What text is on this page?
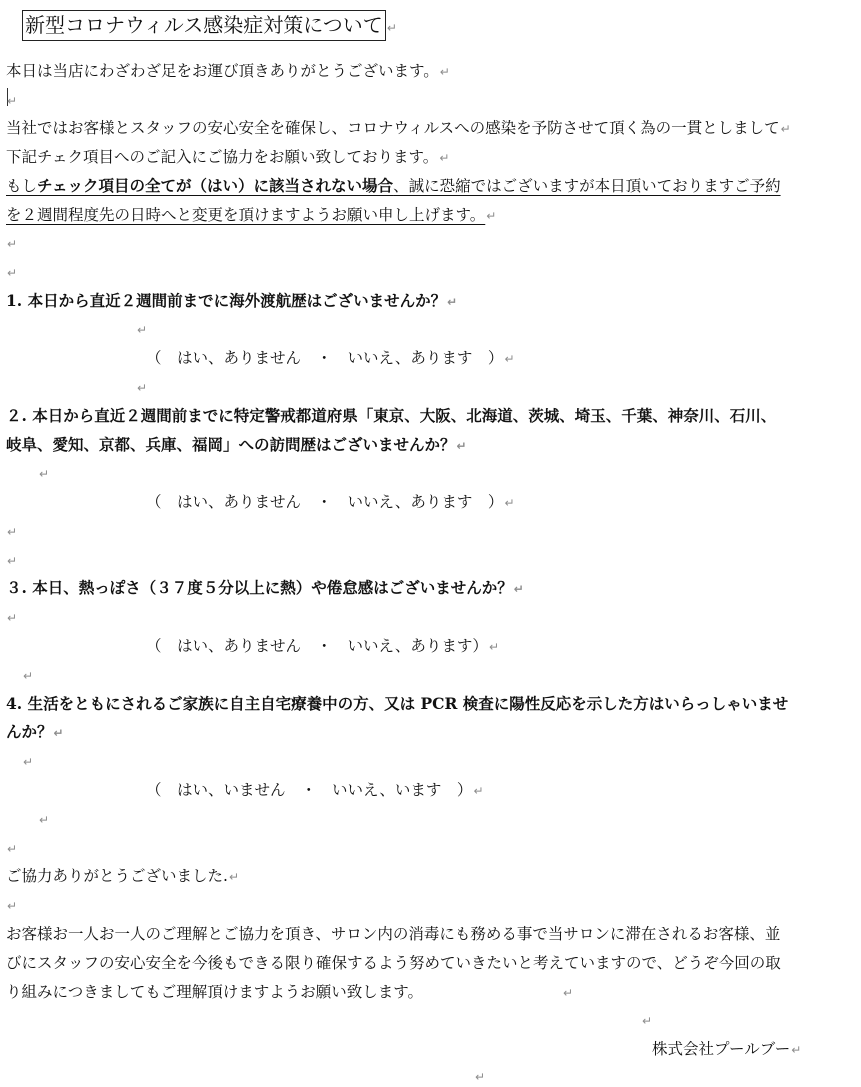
新型コロナウィルス感染症対策について ↵
本日は当店にわざわざ足をお運び頂きありがとうございます。↵
↵
当社ではお客様とスタッフの安心安全を確保し、コロナウィルスへの感染を予防させて頂く為の一貫としまして↵
下記チェク項目へのご記入にご協力をお願い致しております。↵
もしチェック項目の全てが（はい）に該当されない場合、誠に恐縮ではございますが本日頂いておりますご予約
を２週間程度先の日時へと変更を頂けますようお願い申し上げます。↵
↵
↵
1. 本日から直近２週間前までに海外渡航歴はございませんか？↵
↵
（　はい、ありません　・　いいえ、あります　）↵
↵
２. 本日から直近２週間前までに特定警戒都道府県「東京、大阪、北海道、茨城、埼玉、千葉、神奈川、石川、
岐阜、愛知、京都、兵庫、福岡」への訪問歴はございませんか？↵
↵
（　はい、ありません　・　いいえ、あります　）↵
↵
↵
３. 本日、熱っぽさ（３７度５分以上に熱）や倦怠感はございませんか？↵
↵
（　はい、ありません　・　いいえ、あります）↵
↵
4. 生活をともにされるご家族に自主自宅療養中の方、又は PCR 検査に陽性反応を示した方はいらっしゃいませ
んか？↵
↵
（　はい、いません　・　いいえ、います　）↵
↵
↵
ご協力ありがとうございました.↵
↵
お客様お一人お一人のご理解とご協力を頂き、サロン内の消毒にも務める事で当サロンに滞在されるお客様、並
びにスタッフの安心安全を今後もできる限り確保するよう努めていきたいと考えていますので、どうぞ今回の取
り組みにつきましてもご理解頂けますようお願い致します。	↵
↵
株式会社プールブー↵
↵
